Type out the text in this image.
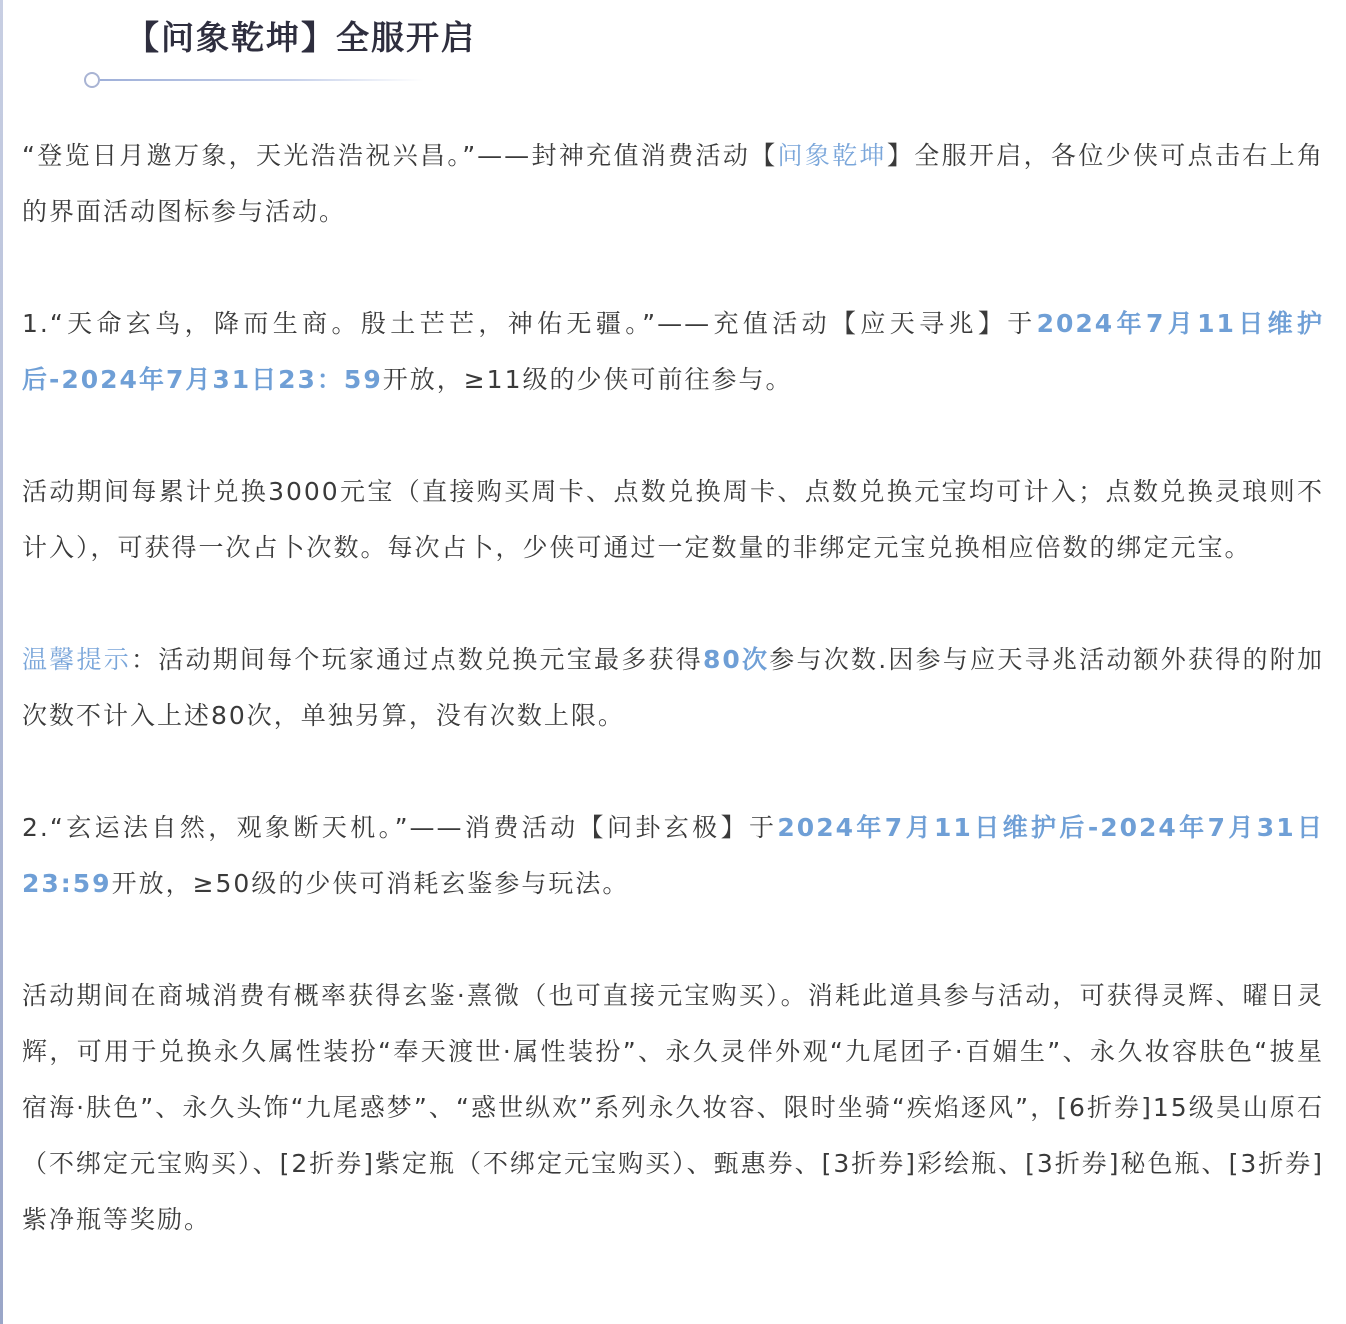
【问象乾坤】全服开启

“登览日月邀万象，天光浩浩祝兴昌。”——封神充值消费活动【问象乾坤】全服开启，各位少侠可点击右上角的界面活动图标参与活动。

1.“天命玄鸟，降而生商。殷土芒芒，神佑无疆。”——充值活动【应天寻兆】于2024年7月11日维护后-2024年7月31日23：59开放，≥11级的少侠可前往参与。

活动期间每累计兑换3000元宝（直接购买周卡、点数兑换周卡、点数兑换元宝均可计入；点数兑换灵琅则不计入），可获得一次占卜次数。每次占卜，少侠可通过一定数量的非绑定元宝兑换相应倍数的绑定元宝。

温馨提示：活动期间每个玩家通过点数兑换元宝最多获得80次参与次数.因参与应天寻兆活动额外获得的附加次数不计入上述80次，单独另算，没有次数上限。

2.“玄运法自然，观象断天机。”——消费活动【问卦玄极】于2024年7月11日维护后-2024年7月31日23:59开放，≥50级的少侠可消耗玄鉴参与玩法。

活动期间在商城消费有概率获得玄鉴·熹微（也可直接元宝购买）。消耗此道具参与活动，可获得灵辉、曜日灵辉，可用于兑换永久属性装扮“奉天渡世·属性装扮”、永久灵伴外观“九尾团子·百媚生”、永久妆容肤色“披星宿海·肤色”、永久头饰“九尾惑梦”、“惑世纵欢”系列永久妆容、限时坐骑“疾焰逐风”，[6折券]15级昊山原石（不绑定元宝购买）、[2折券]紫定瓶（不绑定元宝购买）、甄惠券、[3折券]彩绘瓶、[3折券]秘色瓶、[3折券]紫净瓶等奖励。
